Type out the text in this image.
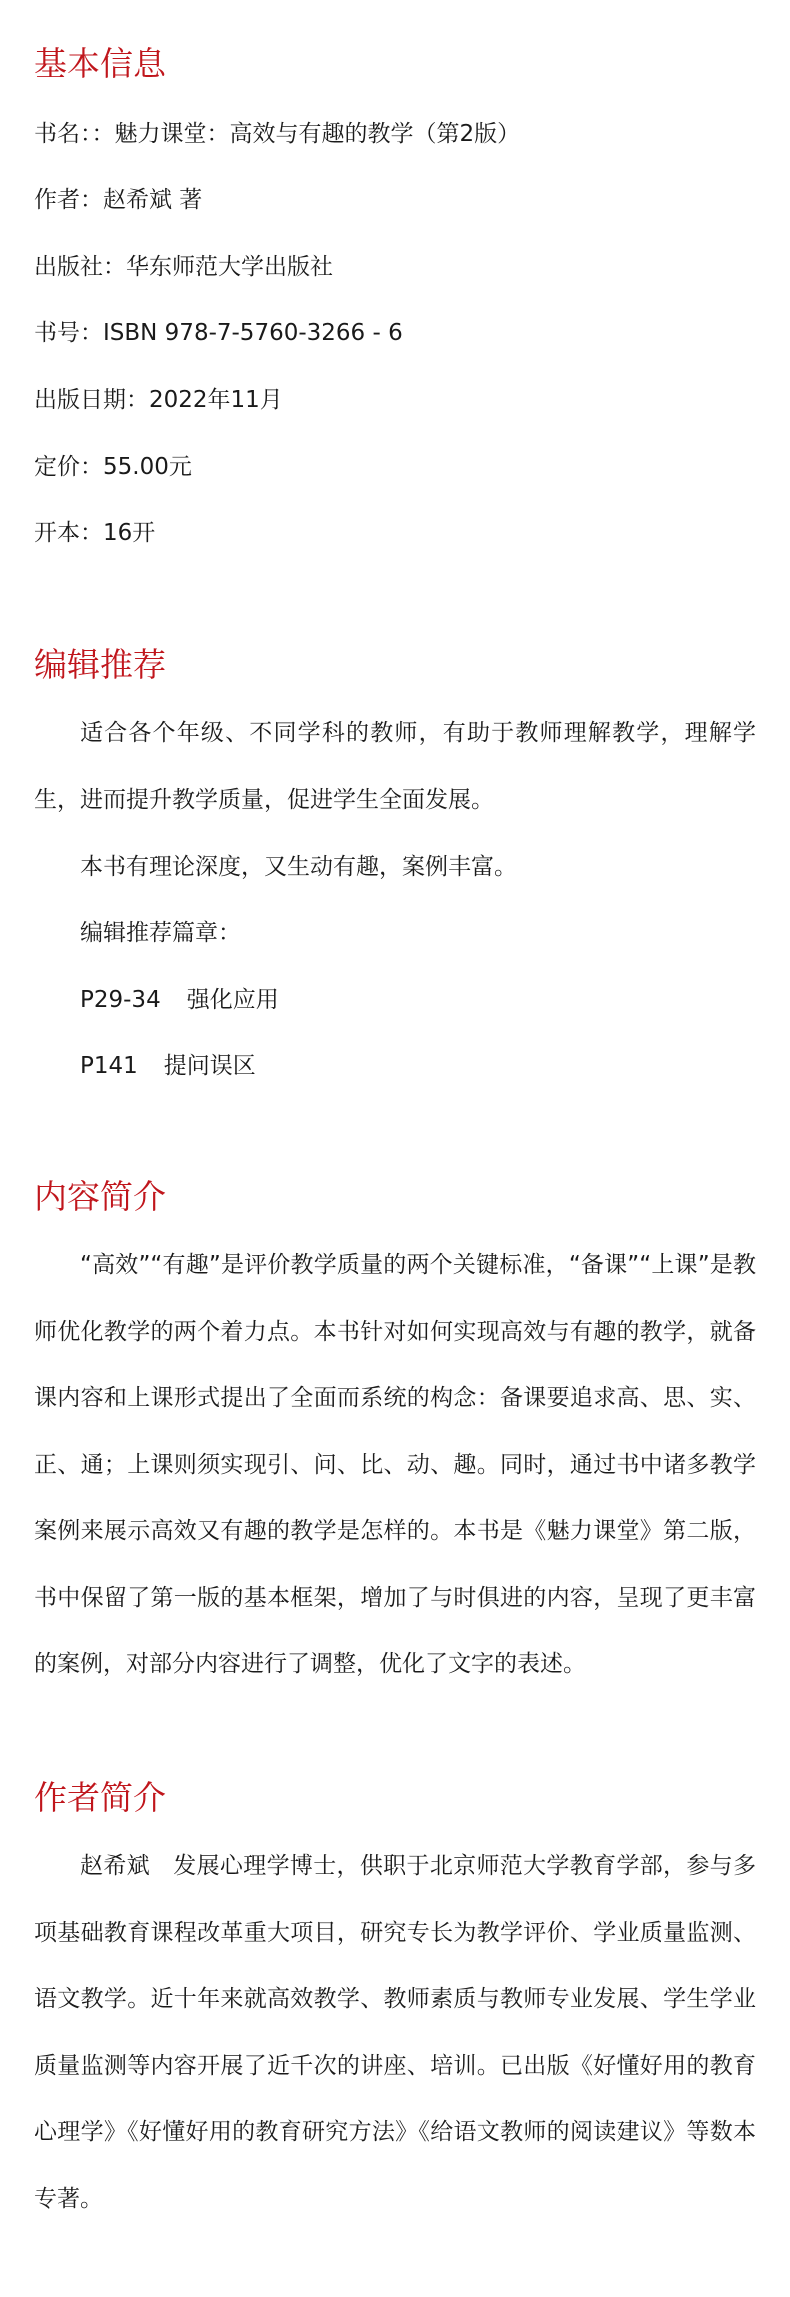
基本信息

书名：：魅力课堂：高效与有趣的教学（第2版）

作者：赵希斌 著

出版社：华东师范大学出版社

书号：ISBN 978-7-5760-3266 - 6

出版日期：2022年11月

定价：55.00元

开本：16开

编辑推荐

适合各个年级、不同学科的教师，有助于教师理解教学，理解学生，进而提升教学质量，促进学生全面发展。

本书有理论深度，又生动有趣，案例丰富。

编辑推荐篇章：

P29-34 强化应用

P141 提问误区

内容简介

“高效”“有趣”是评价教学质量的两个关键标准，“备课”“上课”是教师优化教学的两个着力点。本书针对如何实现高效与有趣的教学，就备课内容和上课形式提出了全面而系统的构念：备课要追求高、思、实、正、通；上课则须实现引、问、比、动、趣。同时，通过书中诸多教学案例来展示高效又有趣的教学是怎样的。本书是《魅力课堂》第二版，书中保留了第一版的基本框架，增加了与时俱进的内容，呈现了更丰富的案例，对部分内容进行了调整，优化了文字的表述。

作者简介

赵希斌　发展心理学博士，供职于北京师范大学教育学部，参与多项基础教育课程改革重大项目，研究专长为教学评价、学业质量监测、语文教学。近十年来就高效教学、教师素质与教师专业发展、学生学业质量监测等内容开展了近千次的讲座、培训。已出版《好懂好用的教育心理学》《好懂好用的教育研究方法》《给语文教师的阅读建议》等数本专著。
